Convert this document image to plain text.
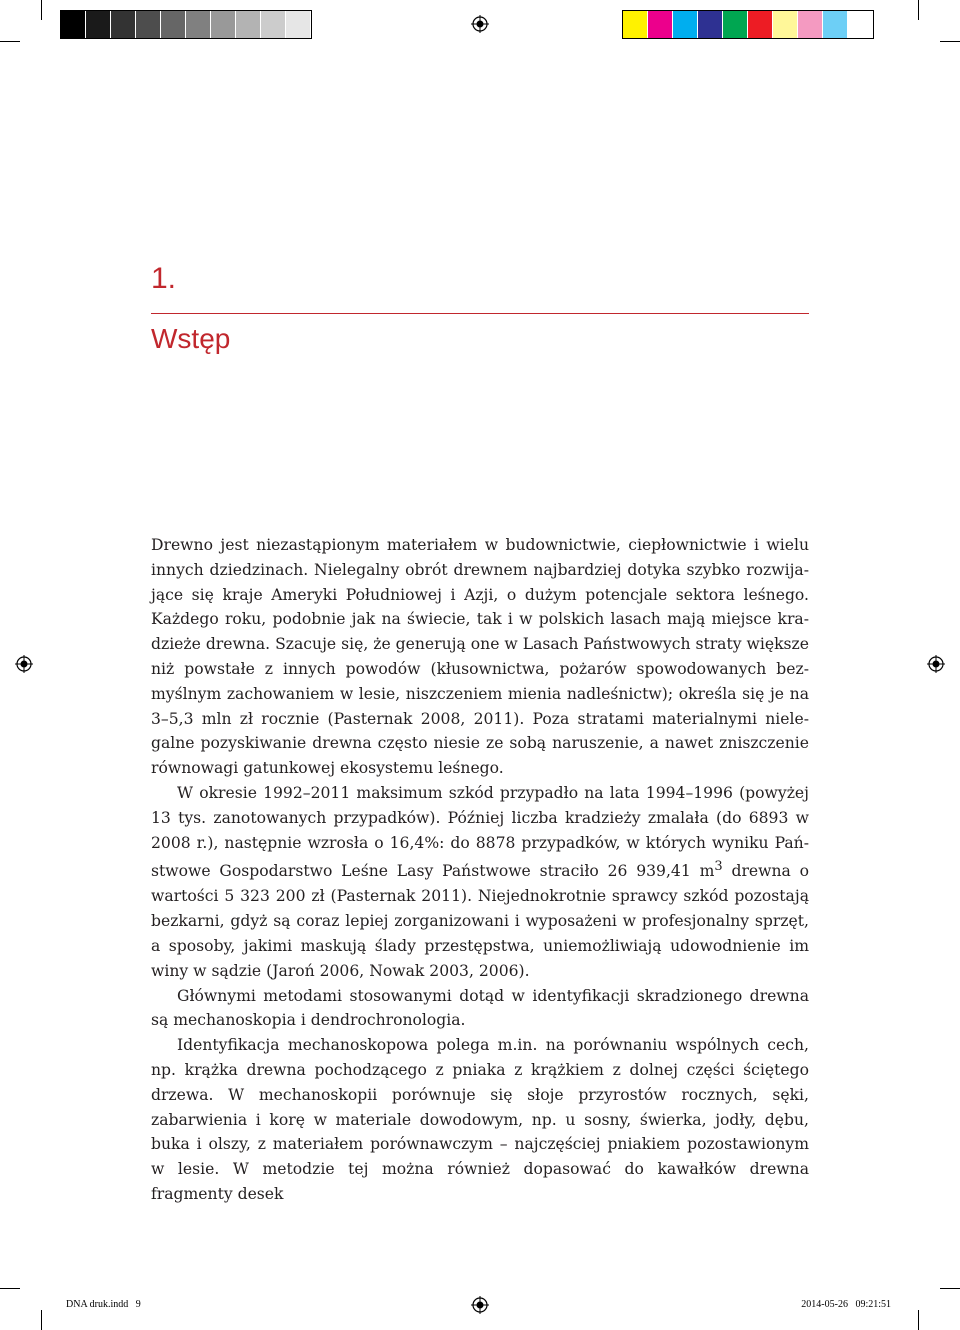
1.
Wstęp

Drewno jest niezastąpionym materiałem w budownictwie, ciepłownictwie i wielu innych dziedzinach. Nielegalny obrót drewnem najbardziej dotyka szybko rozwijające się kraje Ameryki Południowej i Azji, o dużym potencjale sektora leśnego. Każdego roku, podobnie jak na świecie, tak i w polskich lasach mają miejsce kradzieże drewna. Szacuje się, że generują one w Lasach Państwowych straty większe niż powstałe z innych powodów (kłusownictwa, pożarów spowodowanych bezmyślnym zachowaniem w lesie, niszczeniem mienia nadleśnictw); określa się je na 3–5,3 mln zł rocznie (Pasternak 2008, 2011). Poza stratami materialnymi nielegalne pozyskiwanie drewna często niesie ze sobą naruszenie, a nawet zniszczenie równowagi gatunkowej ekosystemu leśnego.

W okresie 1992–2011 maksimum szkód przypadło na lata 1994–1996 (powyżej 13 tys. zanotowanych przypadków). Później liczba kradzieży zmalała (do 6893 w 2008 r.), następnie wzrosła o 16,4%: do 8878 przypadków, w których wyniku Państwowe Gospodarstwo Leśne Lasy Państwowe straciło 26 939,41 $m^3$ drewna o wartości 5 323 200 zł (Pasternak 2011). Niejednokrotnie sprawcy szkód pozostają bezkarni, gdyż są coraz lepiej zorganizowani i wyposażeni w profesjonalny sprzęt, a sposoby, jakimi maskują ślady przestępstwa, uniemożliwiają udowodnienie im winy w sądzie (Jaroń 2006, Nowak 2003, 2006).

Głównymi metodami stosowanymi dotąd w identyfikacji skradzionego drewna są mechanoskopia i dendrochronologia.

Identyfikacja mechanoskopowa polega m.in. na porównaniu wspólnych cech, np. krążka drewna pochodzącego z pniaka z krążkiem z dolnej części ściętego drzewa. W mechanoskopii porównuje się słoje przyrostów rocznych, sęki, zabarwienia i korę w materiale dowodowym, np. u sosny, świerka, jodły, dębu, buka i olszy, z materiałem porównawczym – najczęściej pniakiem pozostawionym w lesie. W metodzie tej można również dopasować do kawałków drewna fragmenty desek

DNA druk.indd   9	2014-05-26   09:21:51
